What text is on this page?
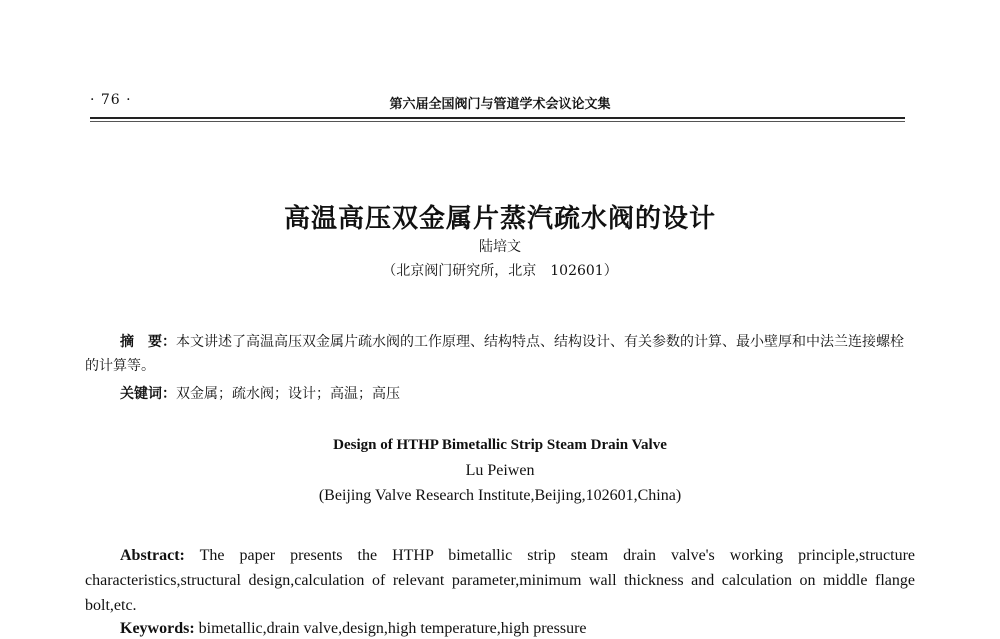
· 76 ·	第六届全国阀门与管道学术会议论文集
高温高压双金属片蒸汽疏水阀的设计
陆培文
（北京阀门研究所，北京　102601）
摘　要：本文讲述了高温高压双金属片疏水阀的工作原理、结构特点、结构设计、有关参数的计算、最小壁厚和中法兰连接螺栓的计算等。
关键词：双金属；疏水阀；设计；高温；高压
Design of HTHP Bimetallic Strip Steam Drain Valve
Lu Peiwen
(Beijing Valve Research Institute,Beijing,102601,China)
Abstract: The paper presents the HTHP bimetallic strip steam drain valve's working principle,structure characteristics,structural design,calculation of relevant parameter,minimum wall thickness and calculation on middle flange bolt,etc.
Keywords: bimetallic,drain valve,design,high temperature,high pressure
